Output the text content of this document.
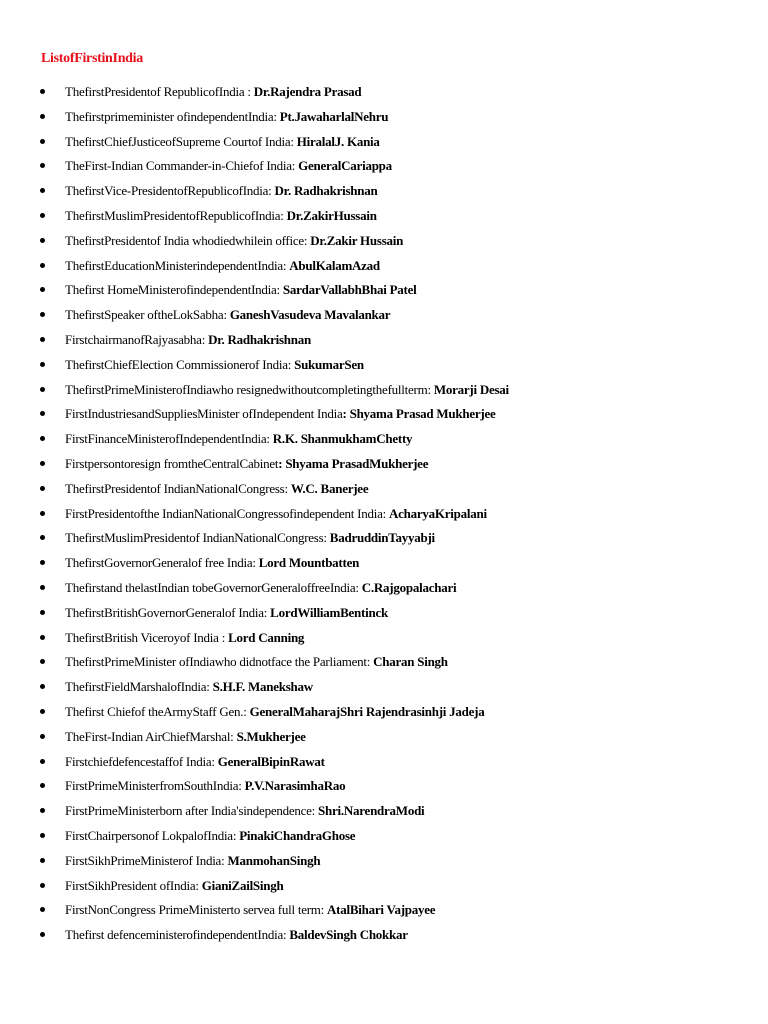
ListofFirstinIndia
ThefirstPresidentof RepublicofIndia : Dr.Rajendra Prasad
Thefirstprimeminister ofindependentIndia: Pt.JawaharlalNehru
ThefirstChiefJusticeofSupreme Courtof India: HiralalJ. Kania
TheFirst-Indian Commander-in-Chiefof India: GeneralCariappa
ThefirstVice-PresidentofRepublicofIndia: Dr. Radhakrishnan
ThefirstMuslimPresidentofRepublicofIndia: Dr.ZakirHussain
ThefirstPresidentof India whodiedwhilein office: Dr.Zakir Hussain
ThefirstEducationMinisterindependentIndia: AbulKalamAzad
Thefirst HomeMinisterofindependentIndia: SardarVallabhBhai Patel
ThefirstSpeaker oftheLokSabha: GaneshVasudeva Mavalankar
FirstchairmanofRajyasabha: Dr. Radhakrishnan
ThefirstChiefElection Commissionerof India: SukumarSen
ThefirstPrimeMinisterofIndiawho resignedwithoutcompletingthefullterm: Morarji Desai
FirstIndustriesandSuppliesMinister ofIndependent India: Shyama Prasad Mukherjee
FirstFinanceMinisterofIndependentIndia: R.K. ShanmukhamChetty
Firstpersontoresign fromtheCentralCabinet: Shyama PrasadMukherjee
ThefirstPresidentof IndianNationalCongress: W.C. Banerjee
FirstPresidentofthe IndianNationalCongressofindependent India: AcharyaKripalani
ThefirstMuslimPresidentof IndianNationalCongress: BadruddinTayyabji
ThefirstGovernorGeneralof free India: Lord Mountbatten
Thefirstand thelastIndian tobeGovernorGeneraloffreeIndia: C.Rajgopalachari
ThefirstBritishGovernorGeneralof India: LordWilliamBentinck
ThefirstBritish Viceroyof India : Lord Canning
ThefirstPrimeMinister ofIndiawho didnotface the Parliament: Charan Singh
ThefirstFieldMarshalofIndia: S.H.F. Manekshaw
Thefirst Chiefof theArmyStaff Gen.: GeneralMaharajShri Rajendrasinhji Jadeja
TheFirst-Indian AirChiefMarshal: S.Mukherjee
Firstchiefdefencestaffof India: GeneralBipinRawat
FirstPrimeMinisterfromSouthIndia: P.V.NarasimhaRao
FirstPrimeMinisterborn after India'sindependence: Shri.NarendraModi
FirstChairpersonof LokpalofIndia: PinakiChandraGhose
FirstSikhPrimeMinisterof India: ManmohanSingh
FirstSikhPresident ofIndia: GianiZailSingh
FirstNonCongress PrimeMinisterto servea full term: AtalBihari Vajpayee
Thefirst defenceministerofindependentIndia: BaldevSingh Chokkar
